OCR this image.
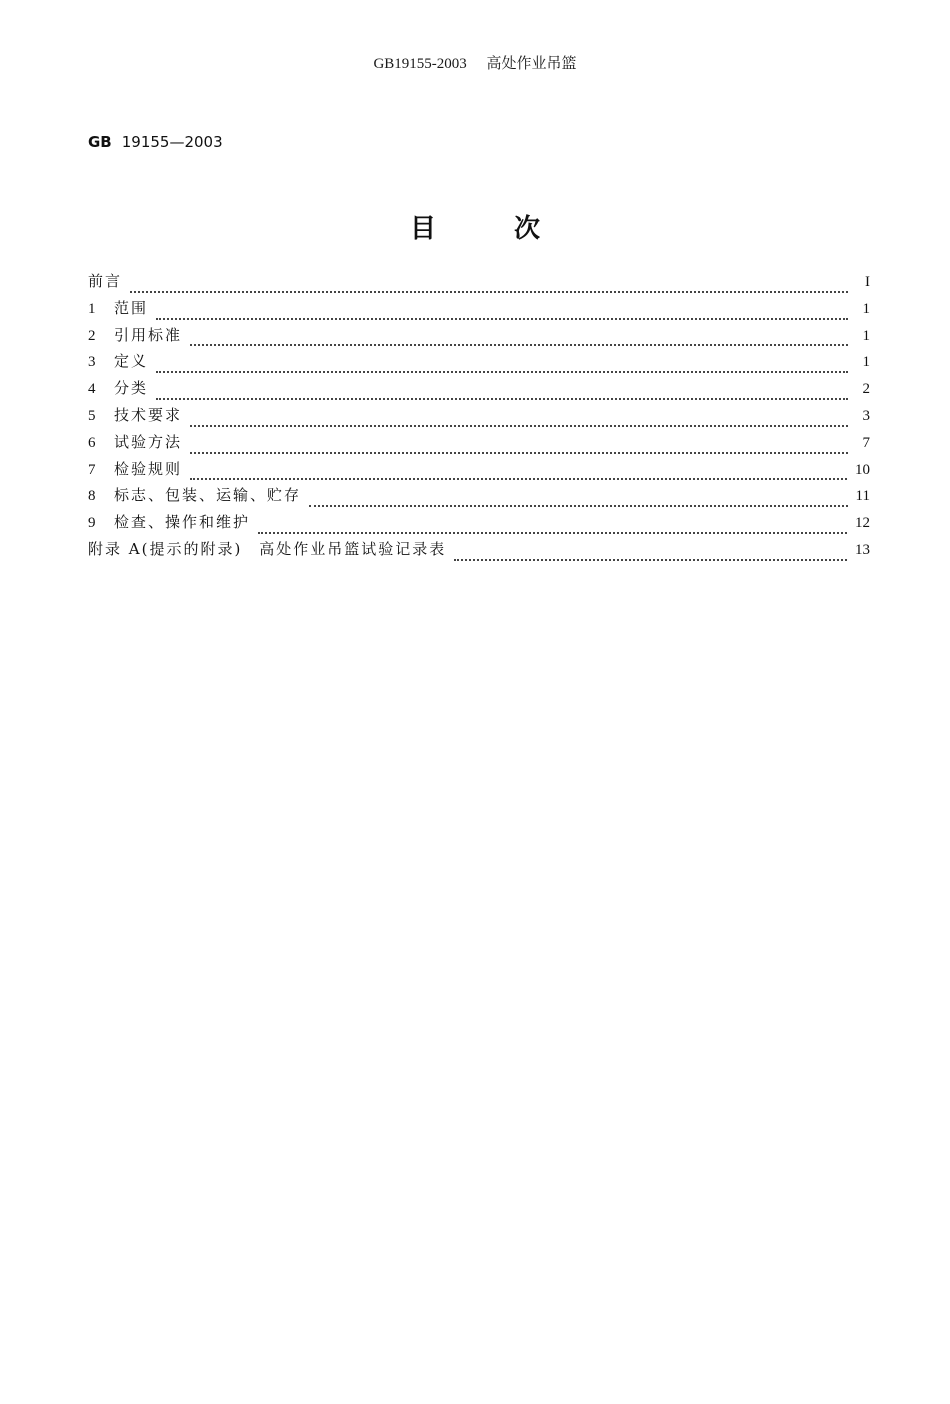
GB19155-2003 高处作业吊篮
GB 19155—2003
目次
前言	I
1	范围	1
2	引用标准	1
3	定义	1
4	分类	2
5	技术要求	3
6	试验方法	7
7	检验规则	10
8	标志、包装、运输、贮存	11
9	检查、操作和维护	12
附录 A(提示的附录)　高处作业吊篮试验记录表	13
